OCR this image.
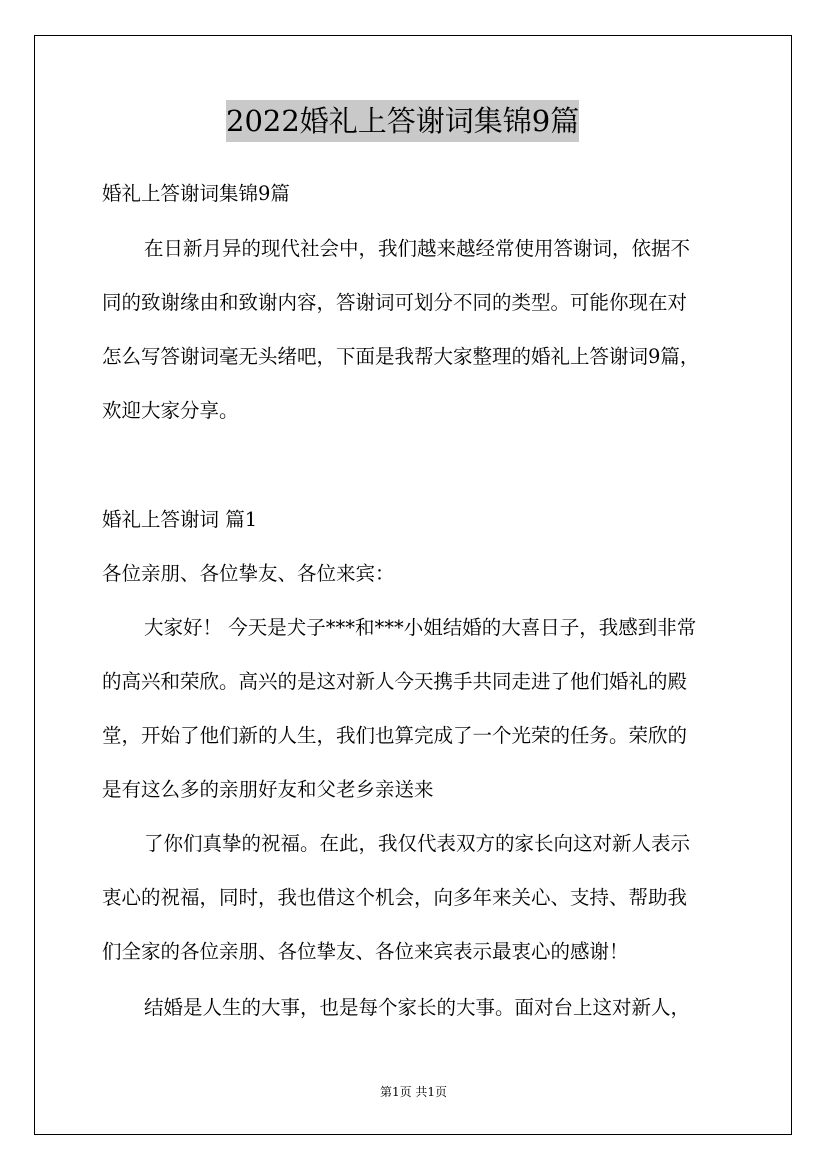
2022婚礼上答谢词集锦9篇
婚礼上答谢词集锦9篇
在日新月异的现代社会中，我们越来越经常使用答谢词，依据不
同的致谢缘由和致谢内容，答谢词可划分不同的类型。可能你现在对
怎么写答谢词毫无头绪吧，下面是我帮大家整理的婚礼上答谢词9篇，
欢迎大家分享。
婚礼上答谢词 篇1
各位亲朋、各位挚友、各位来宾：
大家好！ 今天是犬子***和***小姐结婚的大喜日子，我感到非常
的高兴和荣欣。高兴的是这对新人今天携手共同走进了他们婚礼的殿
堂，开始了他们新的人生，我们也算完成了一个光荣的任务。荣欣的
是有这么多的亲朋好友和父老乡亲送来
了你们真挚的祝福。在此，我仅代表双方的家长向这对新人表示
衷心的祝福，同时，我也借这个机会，向多年来关心、支持、帮助我
们全家的各位亲朋、各位挚友、各位来宾表示最衷心的感谢！
结婚是人生的大事，也是每个家长的大事。面对台上这对新人，
第1页 共1页
